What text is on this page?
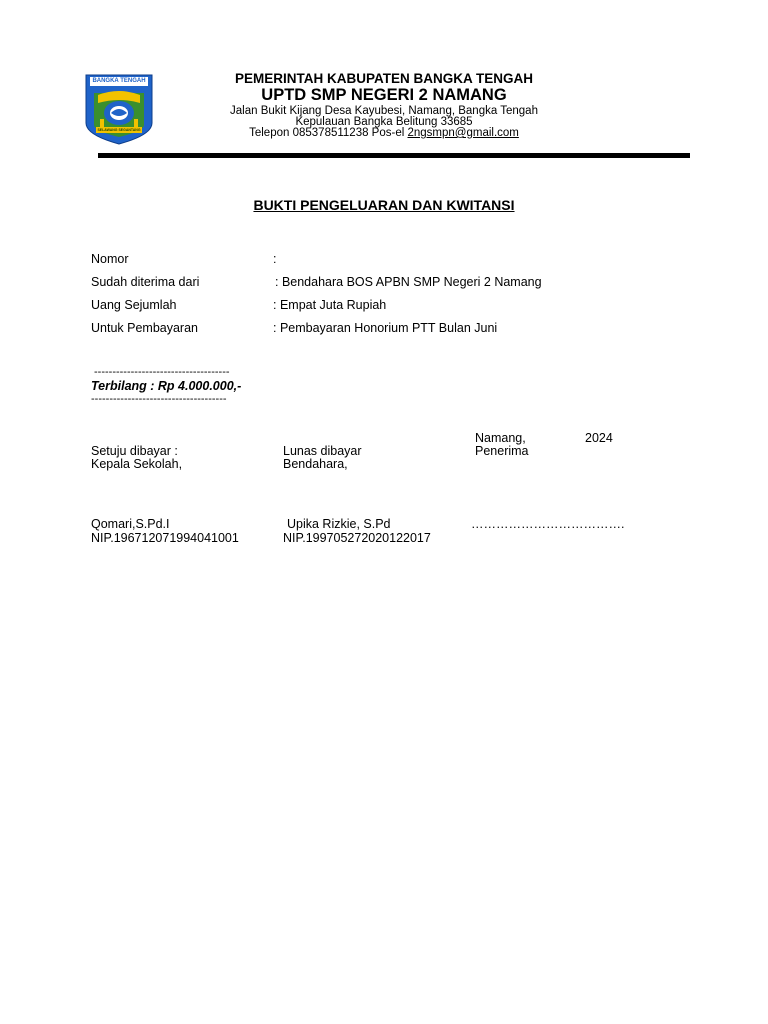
BANGKA TENGAH
SELAWANG SEGANTANG
PEMERINTAH KABUPATEN BANGKA TENGAH
UPTD SMP NEGERI 2 NAMANG
Jalan Bukit Kijang Desa Kayubesi, Namang, Bangka Tengah
Kepulauan Bangka Belitung 33685
Telepon 085378511238 Pos-el 2ngsmpn@gmail.com
BUKTI PENGELUARAN DAN KWITANSI
Nomor	:
Sudah diterima dari	: Bendahara BOS APBN SMP Negeri 2 Namang
Uang Sejumlah	: Empat Juta Rupiah
Untuk Pembayaran	: Pembayaran Honorium PTT Bulan Juni
-------------------------------------
Terbilang : Rp 4.000.000,-
-------------------------------------
Namang,	2024
Setuju dibayar :
Kepala Sekolah,
Lunas dibayar
Bendahara,
Penerima
Qomari,S.Pd.I
NIP.196712071994041001
Upika Rizkie, S.Pd
NIP.199705272020122017
……………………………….
